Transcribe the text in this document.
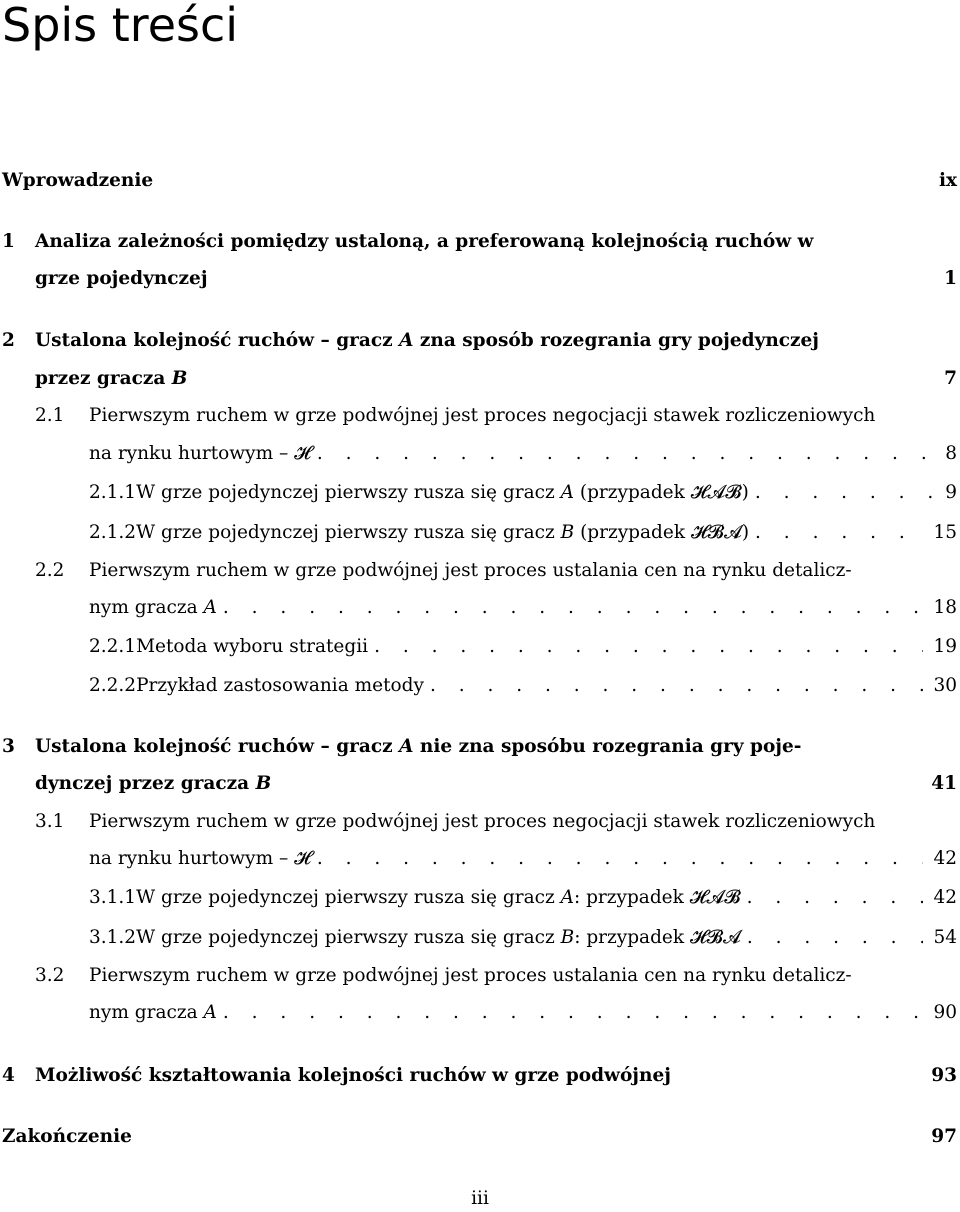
Spis treści
Wprowadzenie	ix
1	Analiza zależności pomiędzy ustaloną, a preferowaną kolejnością ruchów w
grze pojedynczej	1
2	Ustalona kolejność ruchów – gracz A zna sposób rozegrania gry pojedynczej
przez gracza B	7
2.1	Pierwszym ruchem w grze podwójnej jest proces negocjacji stawek rozliczeniowych
na rynku hurtowym – 𝓗 . . .	8
2.1.1 W grze pojedynczej pierwszy rusza się gracz A (przypadek 𝓗𝓐𝓑) . . .	9
2.1.2 W grze pojedynczej pierwszy rusza się gracz B (przypadek 𝓗𝓑𝓐) . . .	15
2.2	Pierwszym ruchem w grze podwójnej jest proces ustalania cen na rynku detalicz-
nym gracza A . . .	18
2.2.1 Metoda wyboru strategii . . .	19
2.2.2 Przykład zastosowania metody . . .	30
3	Ustalona kolejność ruchów – gracz A nie zna sposóbu rozegrania gry poje-
dynczej przez gracza B	41
3.1	Pierwszym ruchem w grze podwójnej jest proces negocjacji stawek rozliczeniowych
na rynku hurtowym – 𝓗 . . .	42
3.1.1 W grze pojedynczej pierwszy rusza się gracz A: przypadek 𝓗𝓐𝓑 . . .	42
3.1.2 W grze pojedynczej pierwszy rusza się gracz B: przypadek 𝓗𝓑𝓐 . . .	54
3.2	Pierwszym ruchem w grze podwójnej jest proces ustalania cen na rynku detalicz-
nym gracza A . . .	90
4	Możliwość kształtowania kolejności ruchów w grze podwójnej	93
Zakończenie	97
iii
